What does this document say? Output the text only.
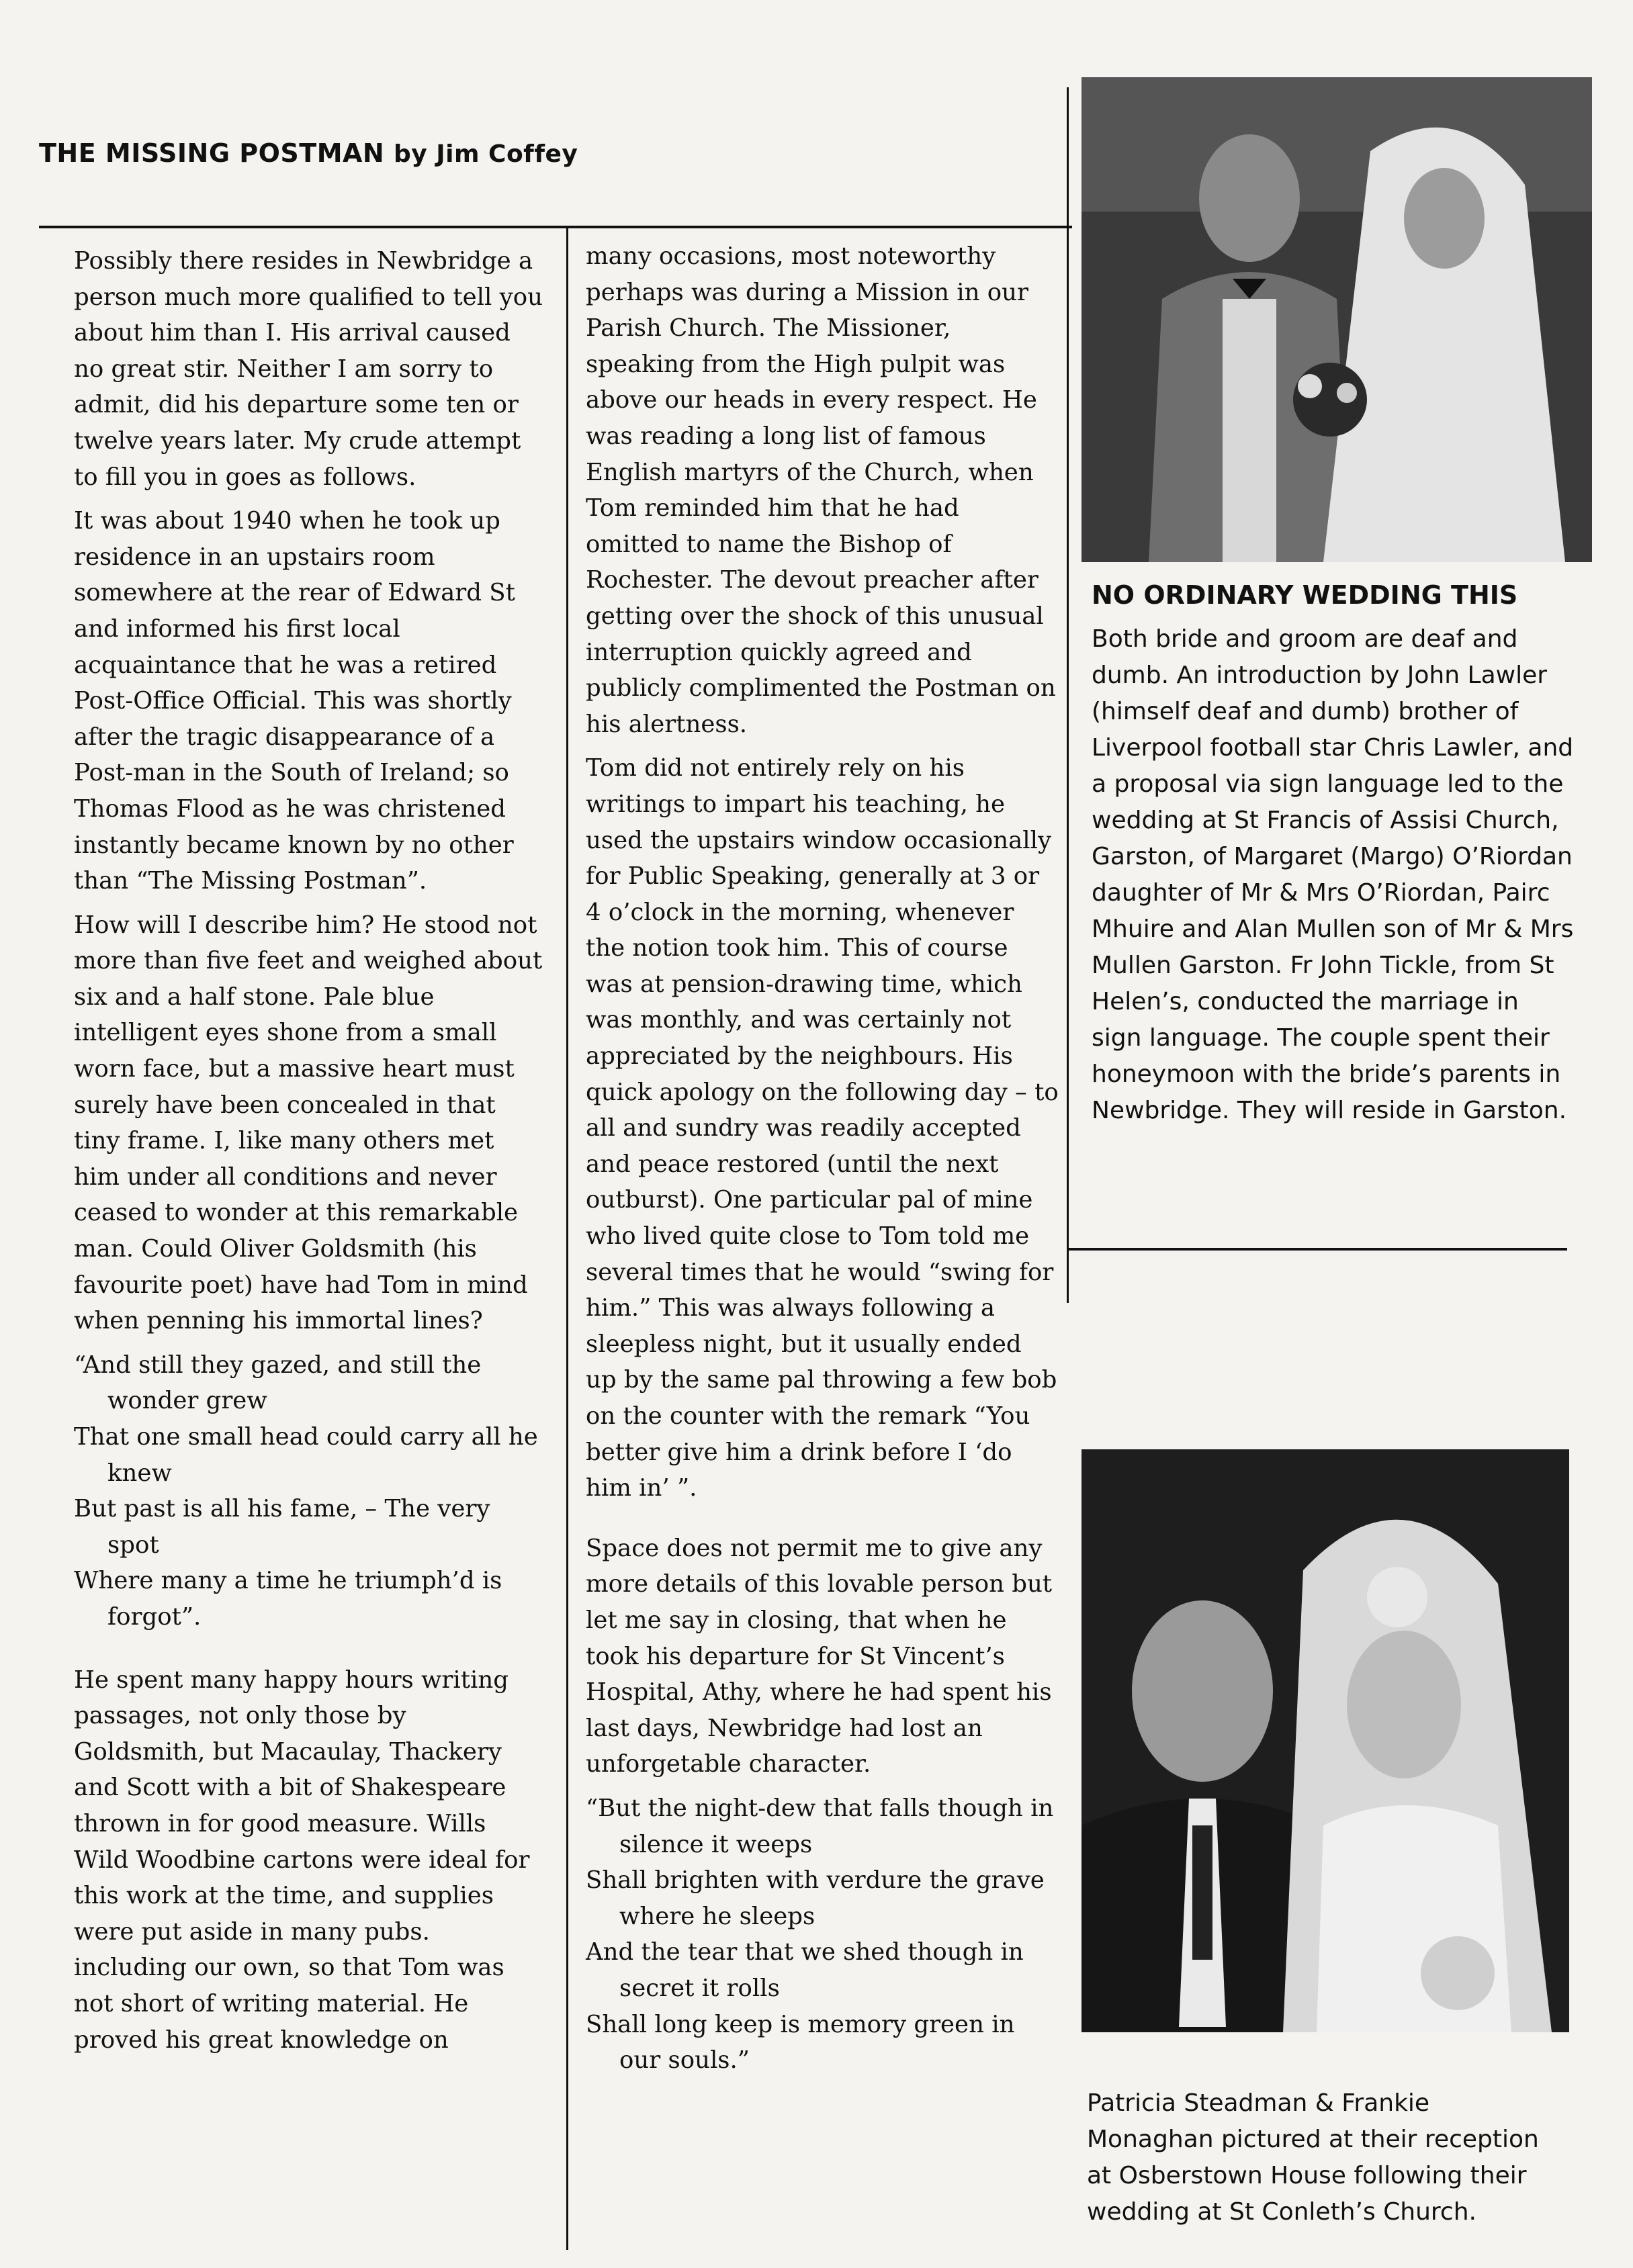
THE MISSING POSTMAN by Jim Coffey

Possibly there resides in Newbridge a person much more qualified to tell you about him than I. His arrival caused no great stir. Neither I am sorry to admit, did his departure some ten or twelve years later. My crude attempt to fill you in goes as follows.

It was about 1940 when he took up residence in an upstairs room somewhere at the rear of Edward St and informed his first local acquaintance that he was a retired Post-Office Official. This was shortly after the tragic disappearance of a Post-man in the South of Ireland; so Thomas Flood as he was christened instantly became known by no other than “The Missing Postman”.

How will I describe him? He stood not more than five feet and weighed about six and a half stone. Pale blue intelligent eyes shone from a small worn face, but a massive heart must surely have been concealed in that tiny frame. I, like many others met him under all conditions and never ceased to wonder at this remarkable man. Could Oliver Goldsmith (his favourite poet) have had Tom in mind when penning his immortal lines?

“And still they gazed, and still the wonder grew

That one small head could carry all he knew

But past is all his fame, – The very spot

Where many a time he triumph’d is forgot”.

He spent many happy hours writing passages, not only those by Goldsmith, but Macaulay, Thackery and Scott with a bit of Shakespeare thrown in for good measure. Wills Wild Woodbine cartons were ideal for this work at the time, and supplies were put aside in many pubs. including our own, so that Tom was not short of writing material. He proved his great knowledge on

many occasions, most noteworthy perhaps was during a Mission in our Parish Church. The Missioner, speaking from the High pulpit was above our heads in every respect. He was reading a long list of famous English martyrs of the Church, when Tom reminded him that he had omitted to name the Bishop of Rochester. The devout preacher after getting over the shock of this unusual interruption quickly agreed and publicly complimented the Postman on his alertness.

Tom did not entirely rely on his writings to impart his teaching, he used the upstairs window occasionally for Public Speaking, generally at 3 or 4 o’clock in the morning, whenever the notion took him. This of course was at pension-drawing time, which was monthly, and was certainly not appreciated by the neighbours. His quick apology on the following day – to all and sundry was readily accepted and peace restored (until the next outburst). One particular pal of mine who lived quite close to Tom told me several times that he would “swing for him.” This was always following a sleepless night, but it usually ended up by the same pal throwing a few bob on the counter with the remark “You better give him a drink before I ‘do him in’ ”.

Space does not permit me to give any more details of this lovable person but let me say in closing, that when he took his departure for St Vincent’s Hospital, Athy, where he had spent his last days, Newbridge had lost an unforgetable character.

“But the night-dew that falls though in silence it weeps

Shall brighten with verdure the grave where he sleeps

And the tear that we shed though in secret it rolls

Shall long keep is memory green in our souls.”

NO ORDINARY WEDDING THIS
Both bride and groom are deaf and dumb. An introduction by John Lawler (himself deaf and dumb) brother of Liverpool football star Chris Lawler, and a proposal via sign language led to the wedding at St Francis of Assisi Church, Garston, of Margaret (Margo) O’Riordan daughter of Mr & Mrs O’Riordan, Pairc Mhuire and Alan Mullen son of Mr & Mrs Mullen Garston. Fr John Tickle, from St Helen’s, conducted the marriage in sign language. The couple spent their honeymoon with the bride’s parents in Newbridge. They will reside in Garston.
Patricia Steadman & Frankie Monaghan pictured at their reception at Osberstown House following their wedding at St Conleth’s Church.
